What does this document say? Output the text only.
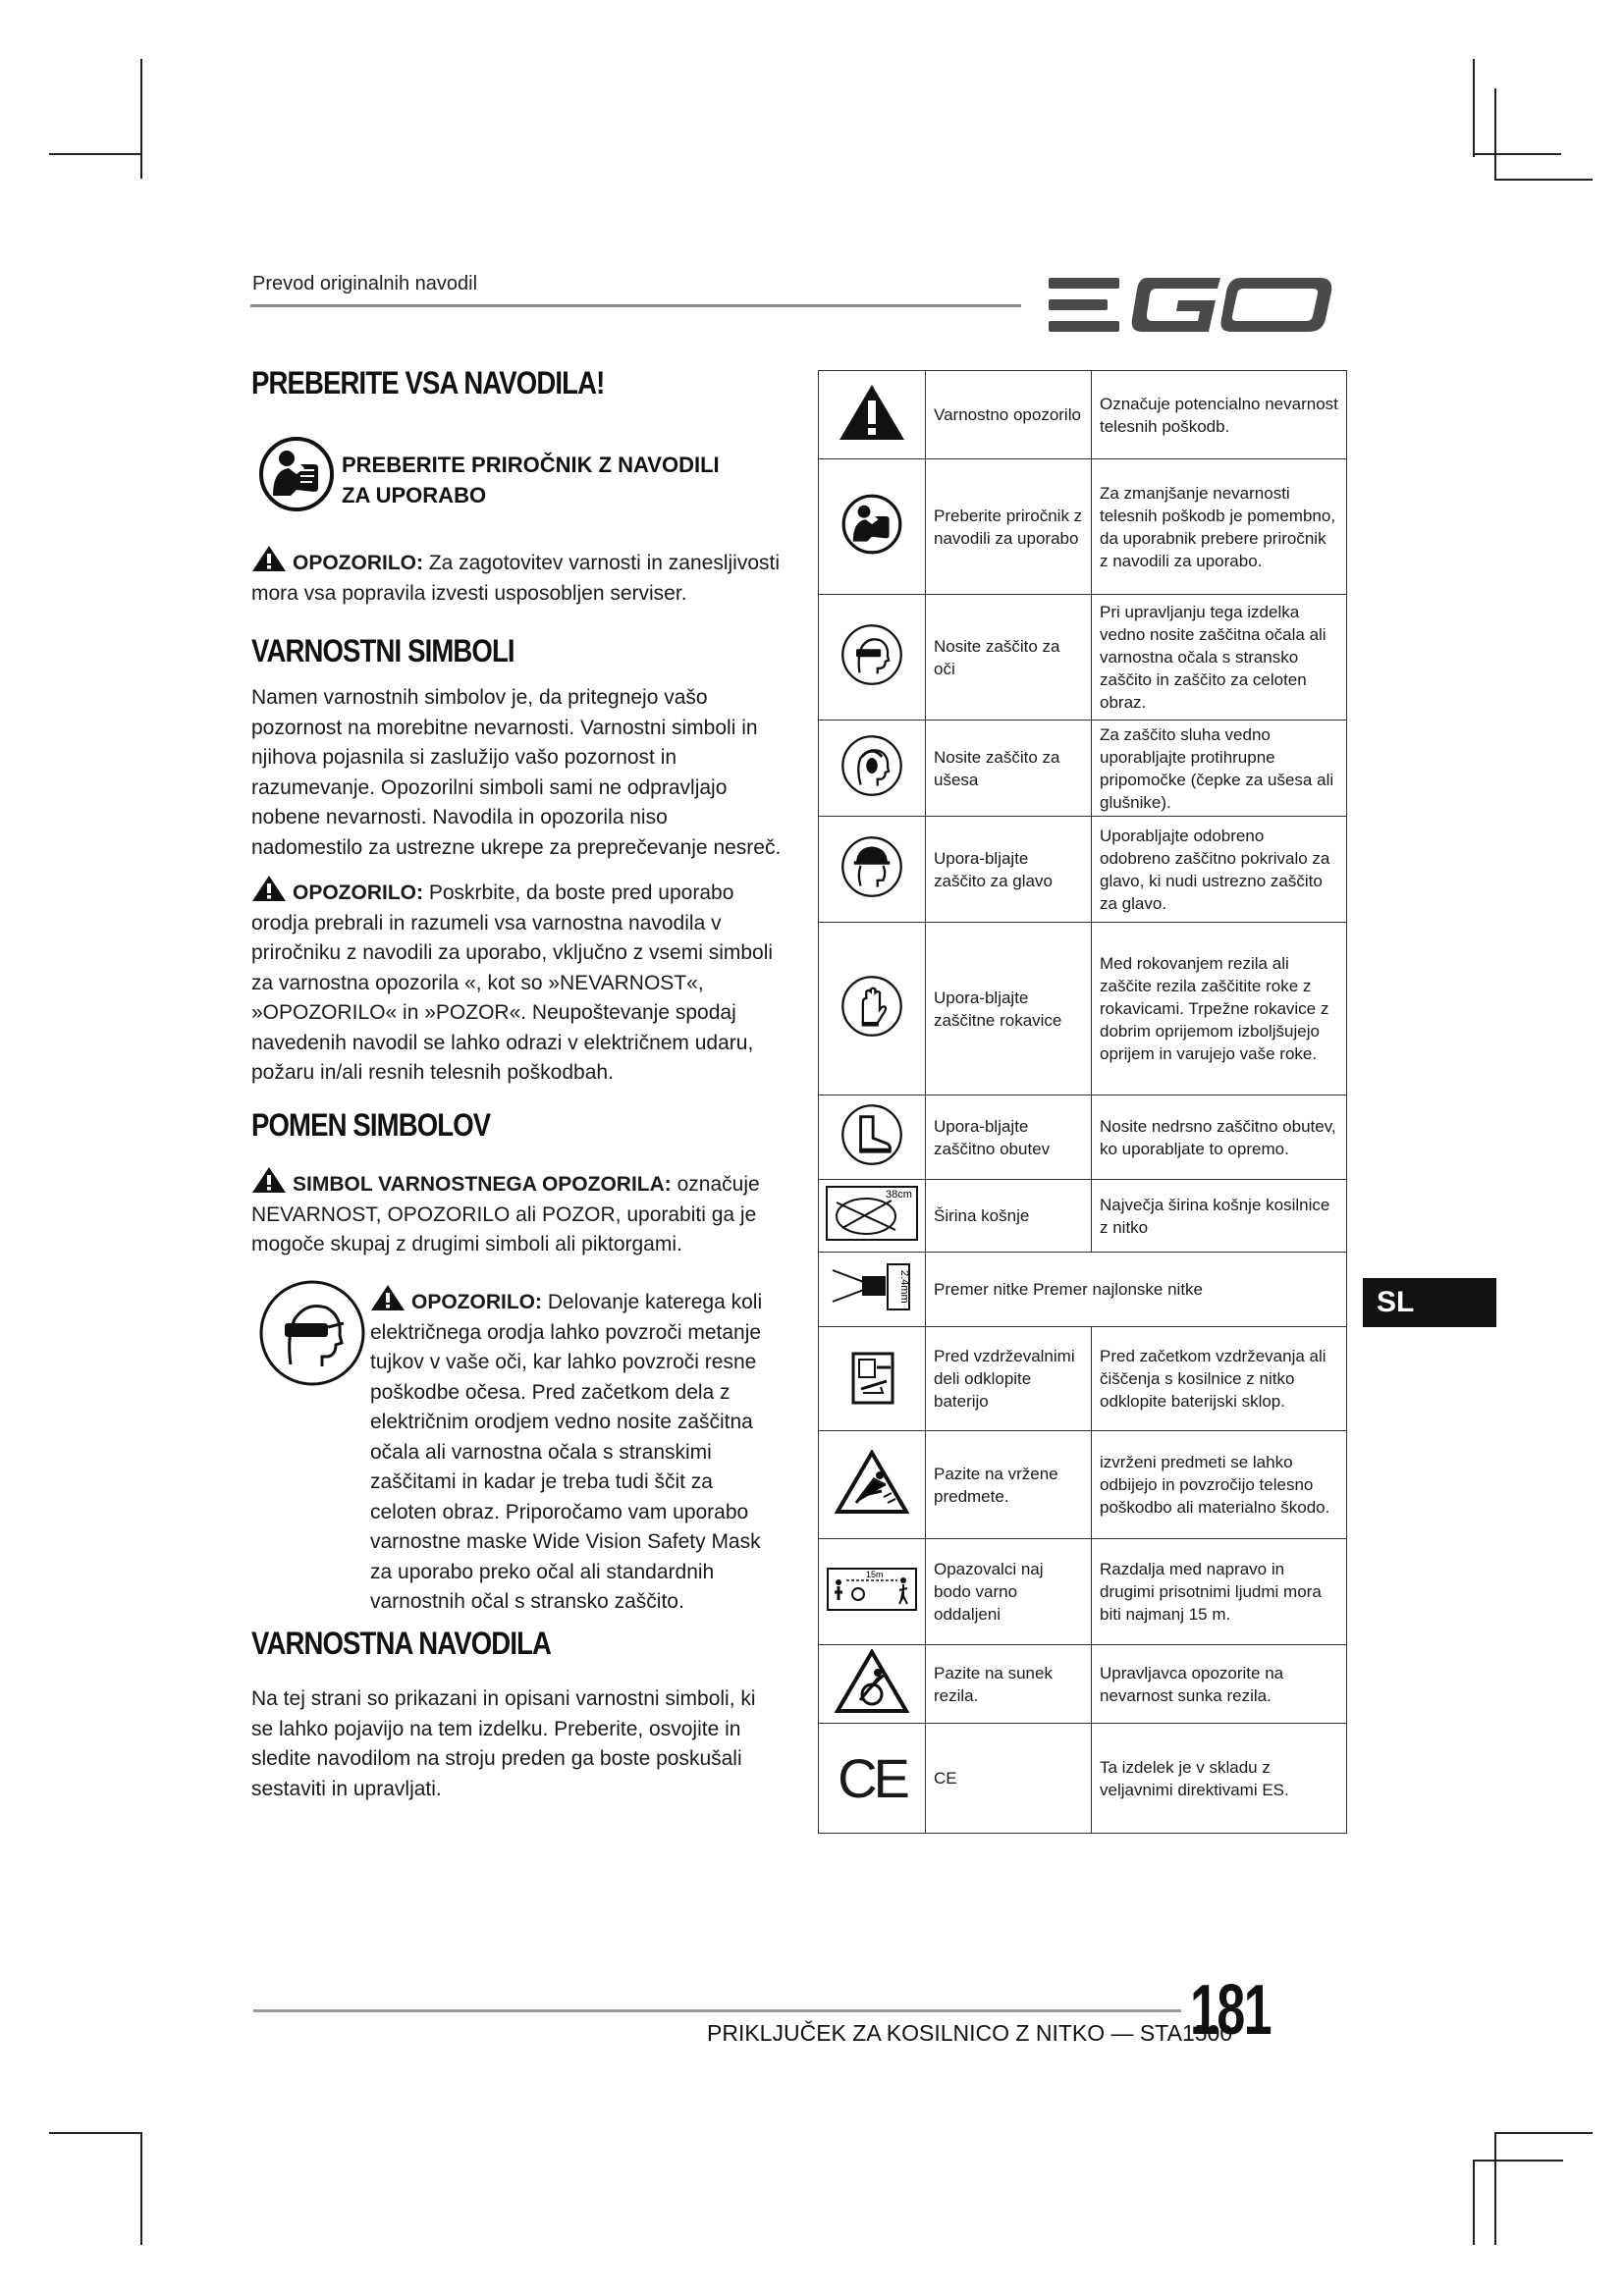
Prevod originalnih navodil
PREBERITE VSA NAVODILA!
PREBERITE PRIROČNIK Z NAVODILI
ZA UPORABO
OPOZORILO: Za zagotovitev varnosti in zanesljivosti mora vsa popravila izvesti usposobljen serviser.
VARNOSTNI SIMBOLI
Namen varnostnih simbolov je, da pritegnejo vašo pozornost na morebitne nevarnosti. Varnostni simboli in njihova pojasnila si zaslužijo vašo pozornost in razumevanje. Opozorilni simboli sami ne odpravljajo nobene nevarnosti. Navodila in opozorila niso nadomestilo za ustrezne ukrepe za preprečevanje nesreč.
OPOZORILO: Poskrbite, da boste pred uporabo orodja prebrali in razumeli vsa varnostna navodila v priročniku z navodili za uporabo, vključno z vsemi simboli za varnostna opozorila «, kot so »NEVARNOST«, »OPOZORILO« in »POZOR«. Neupoštevanje spodaj navedenih navodil se lahko odrazi v električnem udaru, požaru in/ali resnih telesnih poškodbah.
POMEN SIMBOLOV
SIMBOL VARNOSTNEGA OPOZORILA: označuje NEVARNOST, OPOZORILO ali POZOR, uporabiti ga je mogoče skupaj z drugimi simboli ali piktorgami.
OPOZORILO: Delovanje katerega koli električnega orodja lahko povzroči metanje tujkov v vaše oči, kar lahko povzroči resne poškodbe očesa. Pred začetkom dela z električnim orodjem vedno nosite zaščitna očala ali varnostna očala s stranskimi zaščitami in kadar je treba tudi ščit za celoten obraz. Priporočamo vam uporabo varnostne maske Wide Vision Safety Mask za uporabo preko očal ali standardnih varnostnih očal s stransko zaščito.
VARNOSTNA NAVODILA
Na tej strani so prikazani in opisani varnostni simboli, ki se lahko pojavijo na tem izdelku. Preberite, osvojite in sledite navodilom na stroju preden ga boste poskušali sestaviti in upravljati.
	Varnostno opozorilo	Označuje potencialno nevarnost telesnih poškodb.
	Preberite priročnik z navodili za uporabo	Za zmanjšanje nevarnosti telesnih poškodb je pomembno, da uporabnik prebere priročnik z navodili za uporabo.
	Nosite zaščito za oči	Pri upravljanju tega izdelka vedno nosite zaščitna očala ali varnostna očala s stransko zaščito in zaščito za celoten obraz.
	Nosite zaščito za ušesa	Za zaščito sluha vedno uporabljajte protihrupne pripomočke (čepke za ušesa ali glušnike).
	Upora-bljajte zaščito za glavo	Uporabljajte odobreno odobreno zaščitno pokrivalo za glavo, ki nudi ustrezno zaščito za glavo.
	Upora-bljajte zaščitne rokavice	Med rokovanjem rezila ali zaščite rezila zaščitite roke z rokavicami. Trpežne rokavice z dobrim oprijemom izboljšujejo oprijem in varujejo vaše roke.
	Upora-bljajte zaščitno obutev	Nosite nedrsno zaščitno obutev, ko uporabljate to opremo.

38cm	Širina košnje	Največja širina košnje kosilnice z nitko

2.4mm	Premer nitke Premer najlonske nitke	
	Pred vzdrževalnimi deli odklopite baterijo	Pred začetkom vzdrževanja ali čiščenja s kosilnice z nitko odklopite baterijski sklop.
	Pazite na vržene predmete.	izvrženi predmeti se lahko odbijejo in povzročijo telesno poškodbo ali materialno škodo.

15m	Opazovalci naj bodo varno oddaljeni	Razdalja med napravo in drugimi prisotnimi ljudmi mora biti najmanj 15 m.
	Pazite na sunek rezila.	Upravljavca opozorite na nevarnost sunka rezila.
CE	CE	Ta izdelek je v skladu z veljavnimi direktivami ES.
SL
PRIKLJUČEK ZA KOSILNICO Z NITKO — STA1500
181
